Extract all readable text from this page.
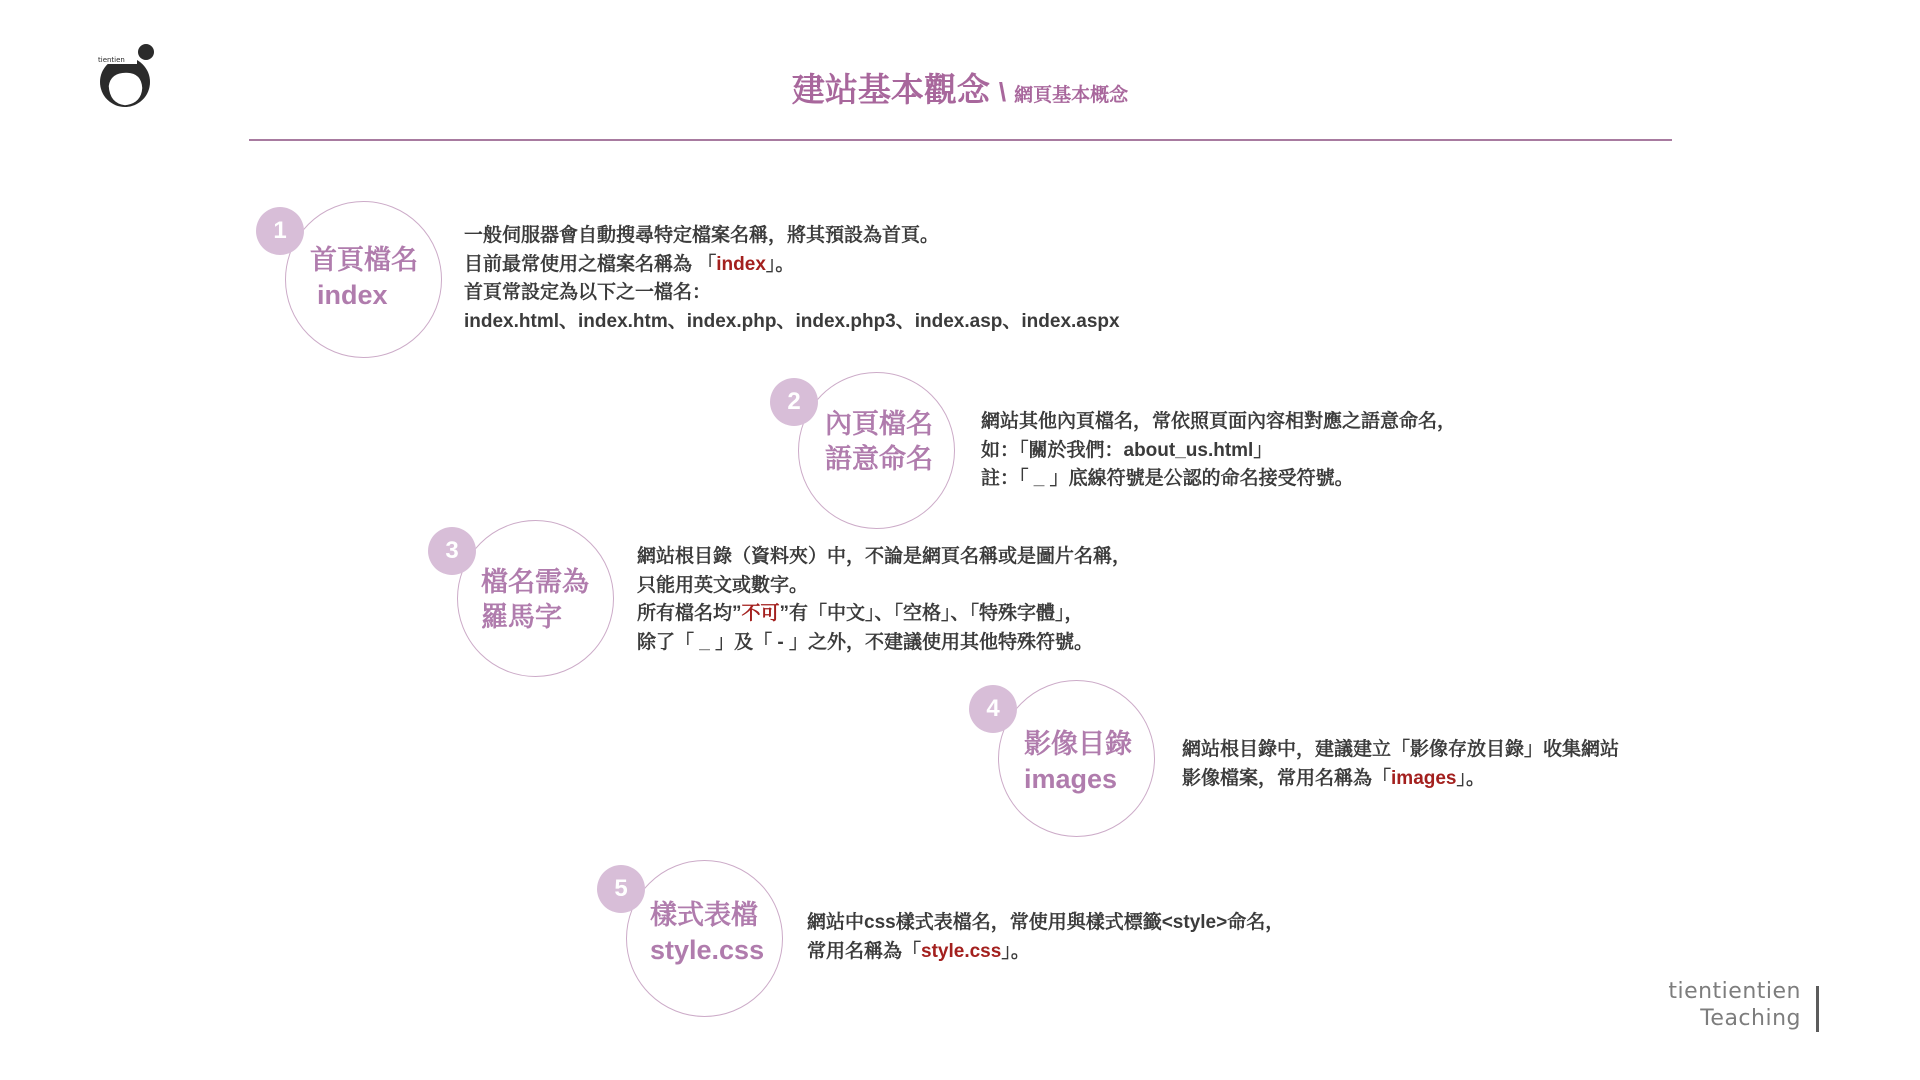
tientien
建站基本觀念 \ 網頁基本概念
1
首頁檔名
index
一般伺服器會自動搜尋特定檔案名稱，將其預設為首頁。
目前最常使用之檔案名稱為 「index」。
首頁常設定為以下之一檔名：
index.html、index.htm、index.php、index.php3、index.asp、index.aspx
2
內頁檔名
語意命名
網站其他內頁檔名，常依照頁面內容相對應之語意命名，
如：「關於我們：about_us.html」
註：「 _ 」底線符號是公認的命名接受符號。
3
檔名需為
羅馬字
網站根目錄（資料夾）中，不論是網頁名稱或是圖片名稱，
只能用英文或數字。
所有檔名均”不可”有「中文」、「空格」、「特殊字體」，
除了「 _ 」及「 - 」之外，不建議使用其他特殊符號。
4
影像目錄
images
網站根目錄中，建議建立「影像存放目錄」收集網站
影像檔案，常用名稱為「images」。
5
樣式表檔
style.css
網站中css樣式表檔名，常使用與樣式標籤<style>命名，
常用名稱為「style.css」。
tientientien
Teaching
